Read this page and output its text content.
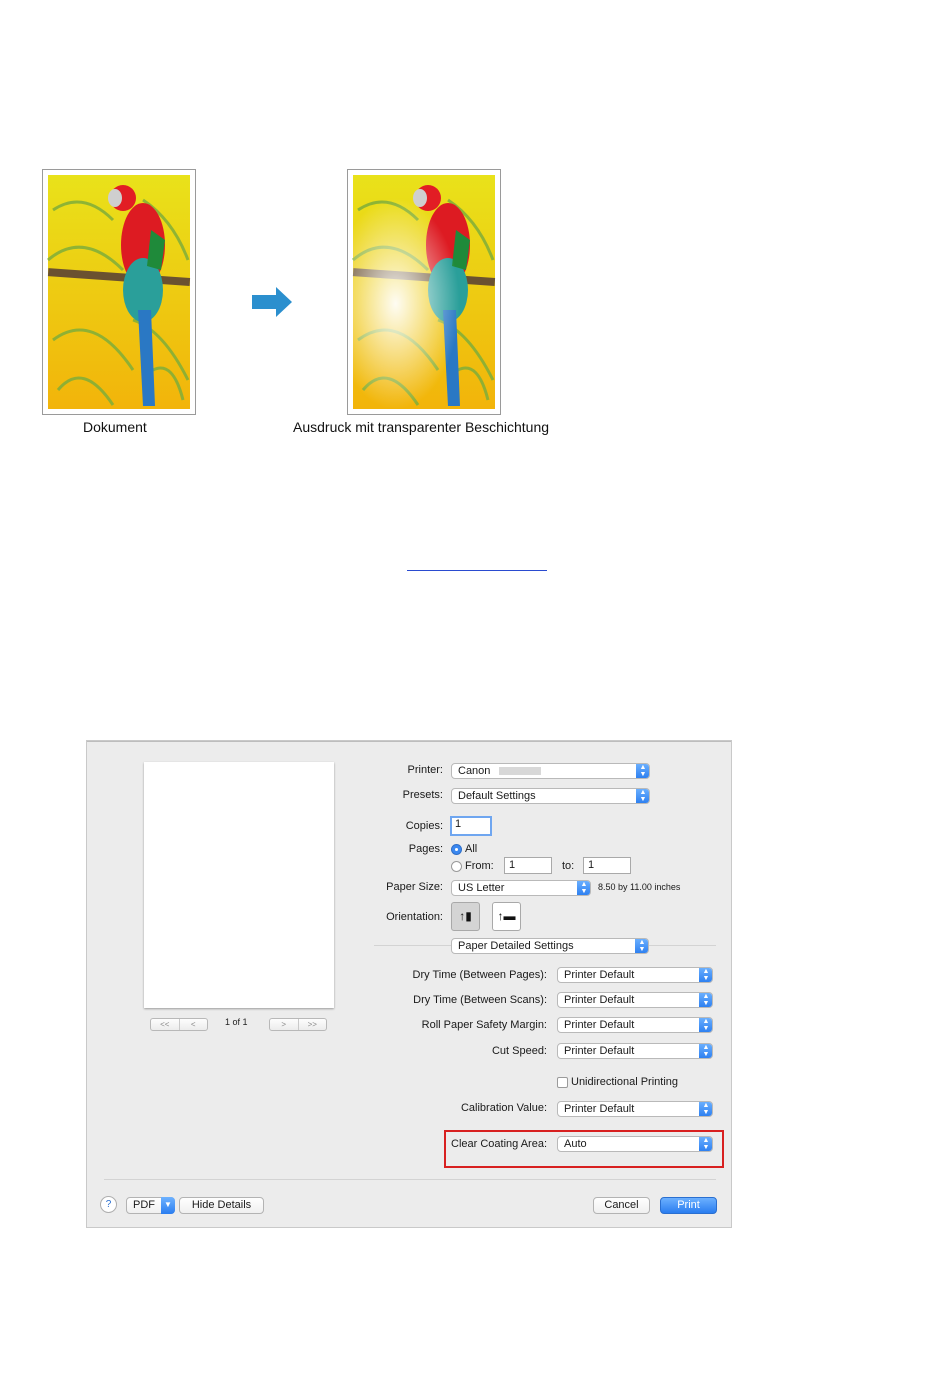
Dokument	Ausdruck mit transparenter Beschichtung
<<	<	1 of 1	>	>>
Printer:	Canon	▲
▼
Presets:	Default Settings	▲
▼
Copies:	1
Pages: All
From:	1	to:	1
Paper Size:	US Letter	▲
▼	8.50 by 11.00 inches
Orientation:	↑▮	↑▬
Paper Detailed Settings	▲
▼
Dry Time (Between Pages):	Printer Default	▲
▼
Dry Time (Between Scans):	Printer Default	▲
▼
Roll Paper Safety Margin:	Printer Default	▲
▼
Cut Speed:	Printer Default	▲
▼
Unidirectional Printing
Calibration Value:	Printer Default	▲
▼
Clear Coating Area:	Auto	▲
▼
?	PDF	▼	Hide Details	Cancel	Print
